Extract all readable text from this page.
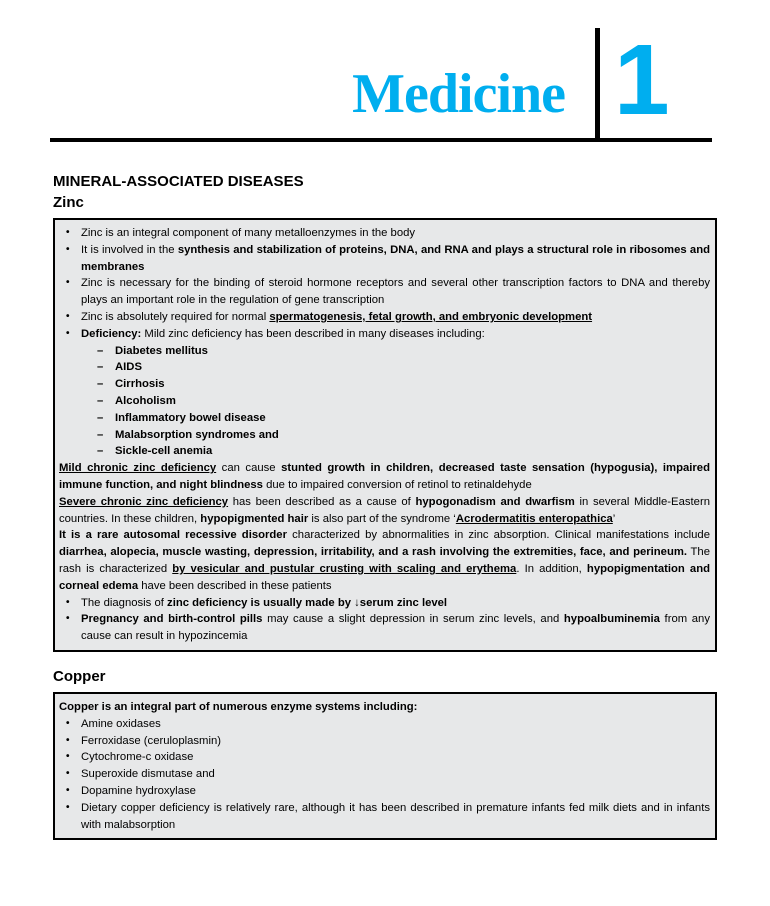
Medicine 1
MINERAL-ASSOCIATED DISEASES
Zinc
•	Zinc is an integral component of many metalloenzymes in the body
•	It is involved in the synthesis and stabilization of proteins, DNA, and RNA and plays a structural role in ribosomes and membranes
•	Zinc is necessary for the binding of steroid hormone receptors and several other transcription factors to DNA and thereby plays an important role in the regulation of gene transcription
•	Zinc is absolutely required for normal spermatogenesis, fetal growth, and embryonic development
•	Deficiency: Mild zinc deficiency has been described in many diseases including:
–	Diabetes mellitus
–	AIDS
–	Cirrhosis
–	Alcoholism
–	Inflammatory bowel disease
–	Malabsorption syndromes and
–	Sickle-cell anemia
Mild chronic zinc deficiency can cause stunted growth in children, decreased taste sensation (hypogusia), impaired immune function, and night blindness due to impaired conversion of retinol to retinaldehyde
Severe chronic zinc deficiency has been described as a cause of hypogonadism and dwarfism in several Middle-Eastern countries. In these children, hypopigmented hair is also part of the syndrome ‘Acrodermatitis enteropathica’
It is a rare autosomal recessive disorder characterized by abnormalities in zinc absorption. Clinical manifestations include diarrhea, alopecia, muscle wasting, depression, irritability, and a rash involving the extremities, face, and perineum. The rash is characterized by vesicular and pustular crusting with scaling and erythema. In addition, hypopigmentation and corneal edema have been described in these patients
•	The diagnosis of zinc deficiency is usually made by ↓serum zinc level
•	Pregnancy and birth-control pills may cause a slight depression in serum zinc levels, and hypoalbuminemia from any cause can result in hypozincemia
Copper
Copper is an integral part of numerous enzyme systems including:
•	Amine oxidases
•	Ferroxidase (ceruloplasmin)
•	Cytochrome-c oxidase
•	Superoxide dismutase and
•	Dopamine hydroxylase
•	Dietary copper deficiency is relatively rare, although it has been described in premature infants fed milk diets and in infants with malabsorption
